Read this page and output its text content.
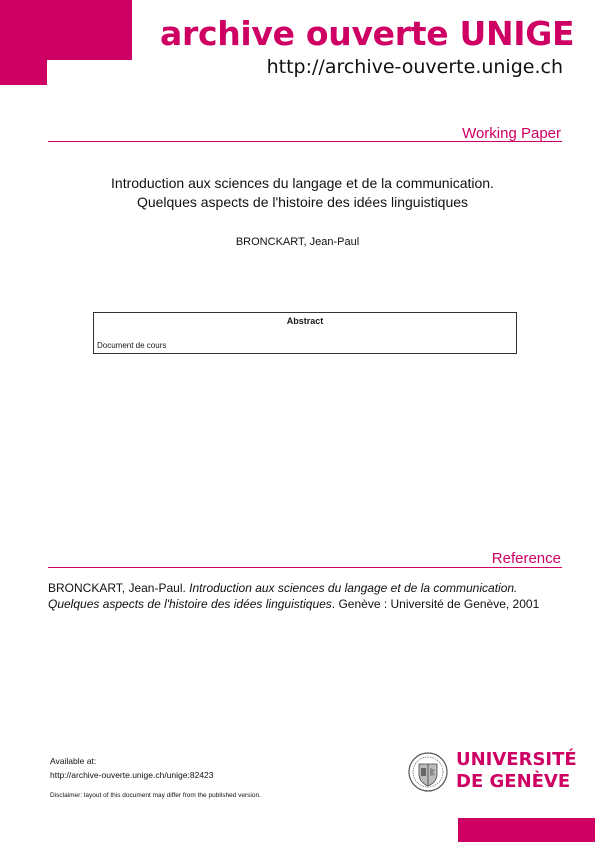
archive ouverte UNIGE
http://archive-ouverte.unige.ch
Working Paper
Introduction aux sciences du langage et de la communication.
Quelques aspects de l'histoire des idées linguistiques
BRONCKART, Jean-Paul
Abstract
Document de cours
Reference
BRONCKART, Jean-Paul. Introduction aux sciences du langage et de la communication. Quelques aspects de l'histoire des idées linguistiques. Genève : Université de Genève, 2001
Available at:
http://archive-ouverte.unige.ch/unige:82423
Disclaimer: layout of this document may differ from the published version.
UNIVERSITÉ
DE GENÈVE
